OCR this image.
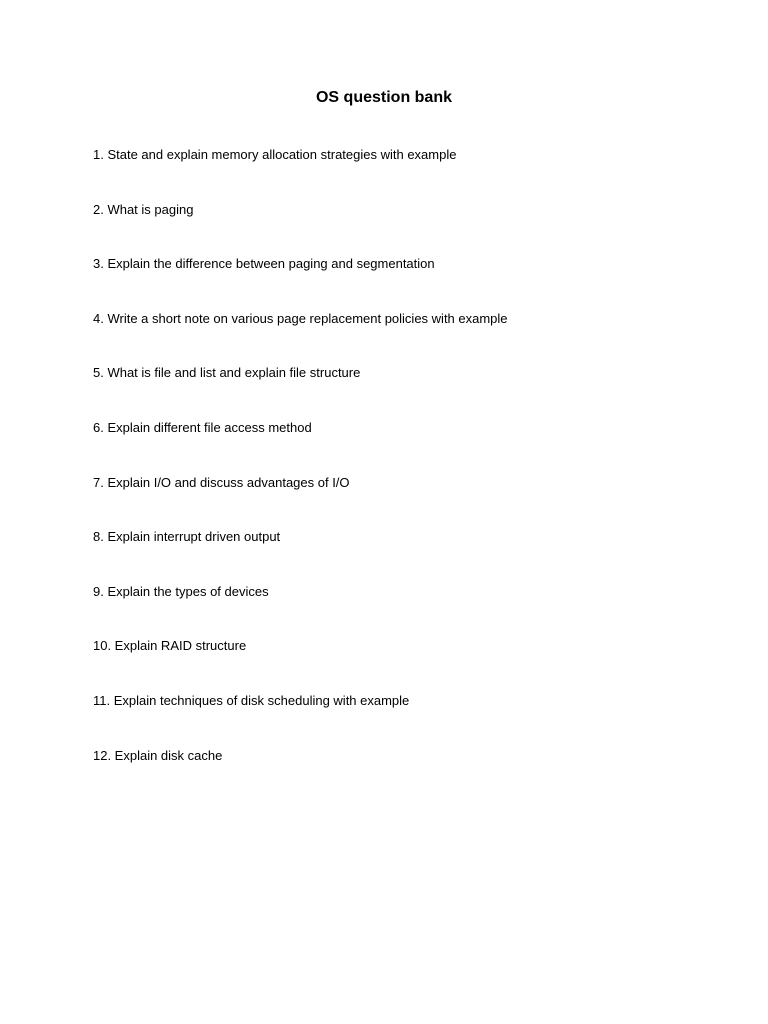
OS question bank
1. State and explain memory allocation strategies with example
2. What is paging
3. Explain the difference between paging and segmentation
4. Write a short note on various page replacement policies with example
5. What is file and list and explain file structure
6. Explain different file access method
7. Explain I/O and discuss advantages of I/O
8. Explain interrupt driven output
9. Explain the types of devices
10. Explain RAID structure
11. Explain techniques of disk scheduling with example
12. Explain disk cache
